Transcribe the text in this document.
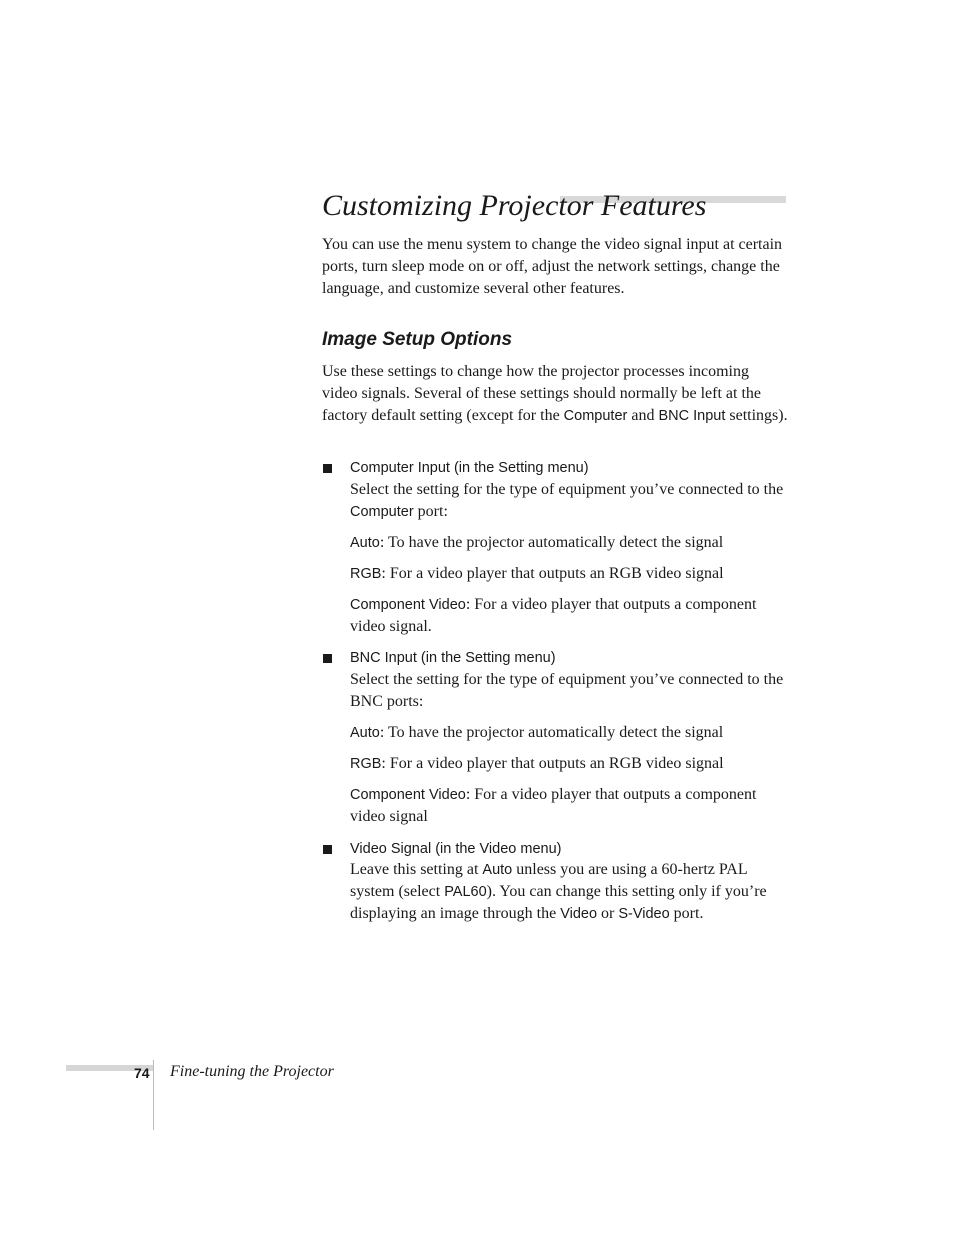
Customizing Projector Features

You can use the menu system to change the video signal input at certain ports, turn sleep mode on or off, adjust the network settings, change the language, and customize several other features.

Image Setup Options

Use these settings to change how the projector processes incoming video signals. Several of these settings should normally be left at the factory default setting (except for the Computer and BNC Input settings).

Computer Input (in the Setting menu)

Select the setting for the type of equipment you’ve connected to the Computer port:

Auto: To have the projector automatically detect the signal

RGB: For a video player that outputs an RGB video signal

Component Video: For a video player that outputs a component video signal.

BNC Input (in the Setting menu)

Select the setting for the type of equipment you’ve connected to the BNC ports:

Auto: To have the projector automatically detect the signal

RGB: For a video player that outputs an RGB video signal

Component Video: For a video player that outputs a component video signal

Video Signal (in the Video menu)

Leave this setting at Auto unless you are using a 60-hertz PAL system (select PAL60). You can change this setting only if you’re displaying an image through the Video or S-Video port.

74 Fine-tuning the Projector
